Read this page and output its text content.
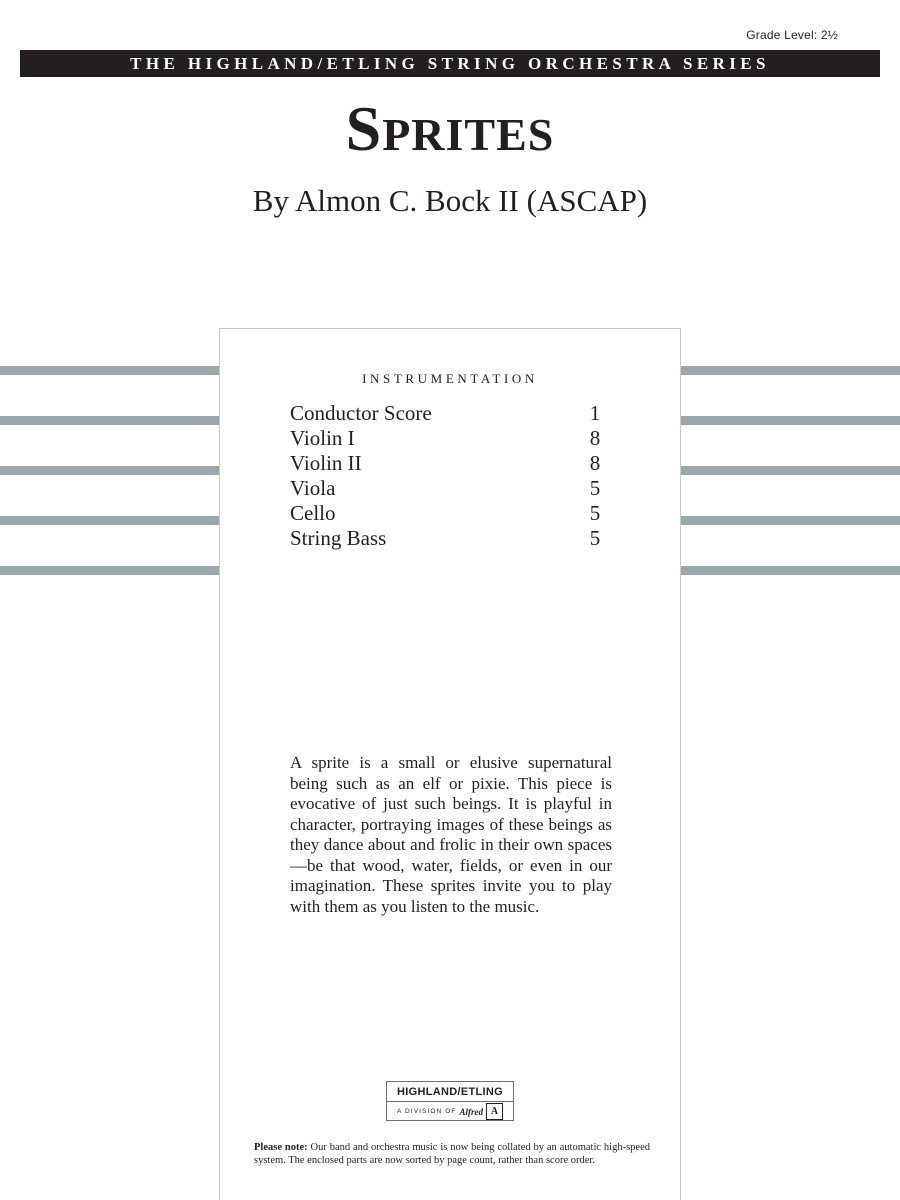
Grade Level: 2½
THE HIGHLAND/ETLING STRING ORCHESTRA SERIES
SPRITES
By Almon C. Bock II (ASCAP)
INSTRUMENTATION
Conductor Score	1
Violin I	8
Violin II	8
Viola	5
Cello	5
String Bass	5
A sprite is a small or elusive supernatural being such as an elf or pixie. This piece is evocative of just such beings. It is playful in character, portraying images of these beings as they dance about and frolic in their own spaces—be that wood, water, fields, or even in our imagination. These sprites invite you to play with them as you listen to the music.
HIGHLAND/ETLING
A DIVISION OF Alfred A
Please note: Our band and orchestra music is now being collated by an automatic high-speed system. The enclosed parts are now sorted by page count, rather than score order.
